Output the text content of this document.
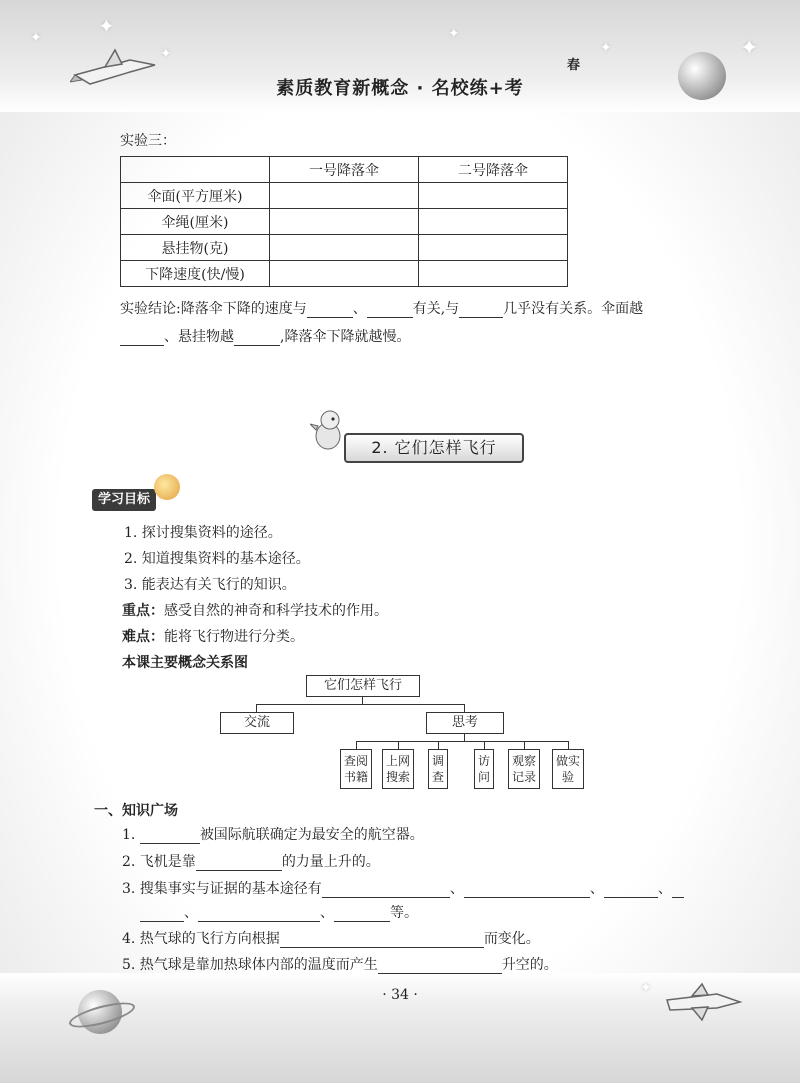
✦
✦
✦
✦	✦
✦
✦
素质教育新概念 · 名校练+考
春
实验三：
	一号降落伞	二号降落伞
伞面(平方厘米)		
伞绳(厘米)		
悬挂物(克)		
下降速度(快/慢)		
实验结论:降落伞下降的速度与	、	有关,与	几乎没有关系。伞面越
、悬挂物越	,降落伞下降就越慢。
2. 它们怎样飞行
学习目标
1. 探讨搜集资料的途径。
2. 知道搜集资料的基本途径。
3. 能表达有关飞行的知识。
重点：感受自然的神奇和科学技术的作用。
难点：能将飞行物进行分类。
本课主要概念关系图
它们怎样飞行
交流	思考
查阅
书籍
上网
搜索
调
查
访
问
观察
记录
做实
验
一、知识广场
1.	被国际航联确定为最安全的航空器。
2. 飞机是靠	的力量上升的。
3. 搜集事实与证据的基本途径有	、	、	、
、	、	等。
4. 热气球的飞行方向根据	而变化。
5. 热气球是靠加热球体内部的温度而产生	升空的。
· 34 ·
